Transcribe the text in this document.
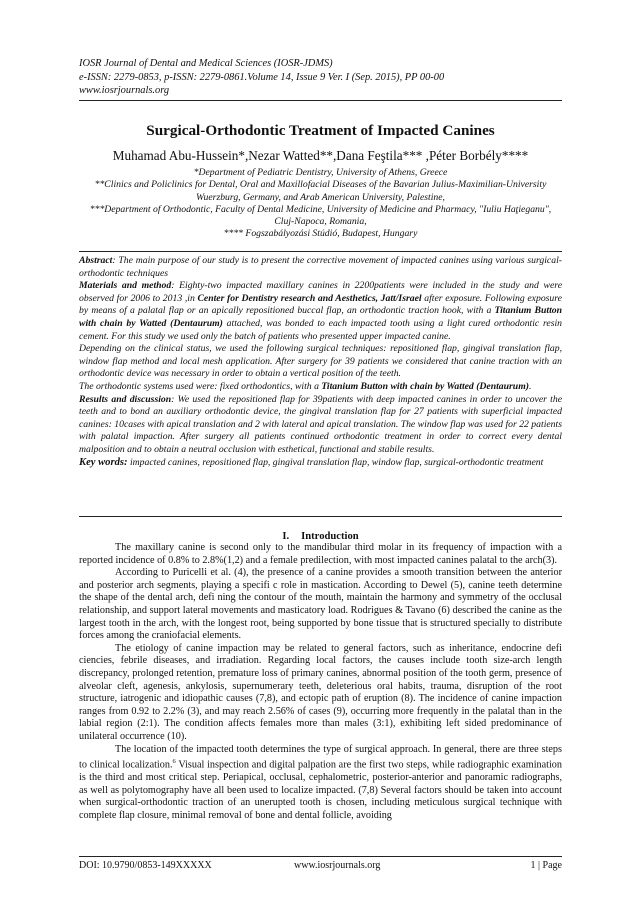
IOSR Journal of Dental and Medical Sciences (IOSR-JDMS)
e-ISSN: 2279-0853, p-ISSN: 2279-0861.Volume 14, Issue 9 Ver. I (Sep. 2015), PP 00-00
www.iosrjournals.org
Surgical-Orthodontic Treatment of Impacted Canines
Muhamad Abu-Hussein*,Nezar Watted**,Dana Feştila*** ,Péter Borbély****
*Department of Pediatric Dentistry, University of Athens, Greece
**Clinics and Policlinics for Dental, Oral and Maxillofacial Diseases of the Bavarian Julius-Maximilian-University Wuerzburg, Germany, and Arab American University, Palestine,
***Department of Orthodontic, Faculty of Dental Medicine, University of Medicine and Pharmacy, "Iuliu Haţieganu", Cluj-Napoca, Romania,
**** Fogszabályozási Stúdió, Budapest, Hungary

Abstract: The main purpose of our study is to present the corrective movement of impacted canines using various surgical-orthodontic techniques

Materials and method: Eighty-two impacted maxillary canines in 2200patients were included in the study and were observed for 2006 to 2013 ,in Center for Dentistry research and Aesthetics, Jatt/Israel after exposure. Following exposure by means of a palatal flap or an apically repositioned buccal flap, an orthodontic traction hook, with a Titanium Button with chain by Watted (Dentaurum) attached, was bonded to each impacted tooth using a light cured orthodontic resin cement. For this study we used only the batch of patients who presented upper impacted canine.

Depending on the clinical status, we used the following surgical techniques: repositioned flap, gingival translation flap, window flap method and local mesh application. After surgery for 39 patients we considered that canine traction with an orthodontic device was necessary in order to obtain a vertical position of the teeth.

The orthodontic systems used were: fixed orthodontics, with a Titanium Button with chain by Watted (Dentaurum).

Results and discussion: We used the repositioned flap for 39patients with deep impacted canines in order to uncover the teeth and to bond an auxiliary orthodontic device, the gingival translation flap for 27 patients with superficial impacted canines: 10cases with apical translation and 2 with lateral and apical translation. The window flap was used for 22 patients with palatal impaction. After surgery all patients continued orthodontic treatment in order to correct every dental malposition and to obtain a neutral occlusion with esthetical, functional and stabile results.

Key words: impacted canines, repositioned flap, gingival translation flap, window flap, surgical-orthodontic treatment

I. Introduction

The maxillary canine is second only to the mandibular third molar in its frequency of impaction with a reported incidence of 0.8% to 2.8%(1,2) and a female predilection, with most impacted canines palatal to the arch(3).

According to Puricelli et al. (4), the presence of a canine provides a smooth transition between the anterior and posterior arch segments, playing a specifi c role in mastication. According to Dewel (5), canine teeth determine the shape of the dental arch, defi ning the contour of the mouth, maintain the harmony and symmetry of the occlusal relationship, and support lateral movements and masticatory load. Rodrigues & Tavano (6) described the canine as the largest tooth in the arch, with the longest root, being supported by bone tissue that is structured specially to distribute forces among the craniofacial elements.

The etiology of canine impaction may be related to general factors, such as inheritance, endocrine defi ciencies, febrile diseases, and irradiation. Regarding local factors, the causes include tooth size-arch length discrepancy, prolonged retention, premature loss of primary canines, abnormal position of the tooth germ, presence of alveolar cleft, agenesis, ankylosis, supernumerary teeth, deleterious oral habits, trauma, disruption of the root structure, iatrogenic and idiopathic causes (7,8), and ectopic path of eruption (8). The incidence of canine impaction ranges from 0.92 to 2.2% (3), and may reach 2.56% of cases (9), occurring more frequently in the palatal than in the labial region (2:1). The condition affects females more than males (3:1), exhibiting left sided predominance of unilateral occurrence (10).

The location of the impacted tooth determines the type of surgical approach. In general, there are three steps to clinical localization.$^6$ Visual inspection and digital palpation are the first two steps, while radiographic examination is the third and most critical step. Periapical, occlusal, cephalometric, posterior-anterior and panoramic radiographs, as well as polytomography have all been used to localize impacted. (7,8) Several factors should be taken into account when surgical-orthodontic traction of an unerupted tooth is chosen, including meticulous surgical technique with complete flap closure, minimal removal of bone and dental follicle, avoiding

DOI: 10.9790/0853-149XXXXX	www.iosrjournals.org	1 | Page
